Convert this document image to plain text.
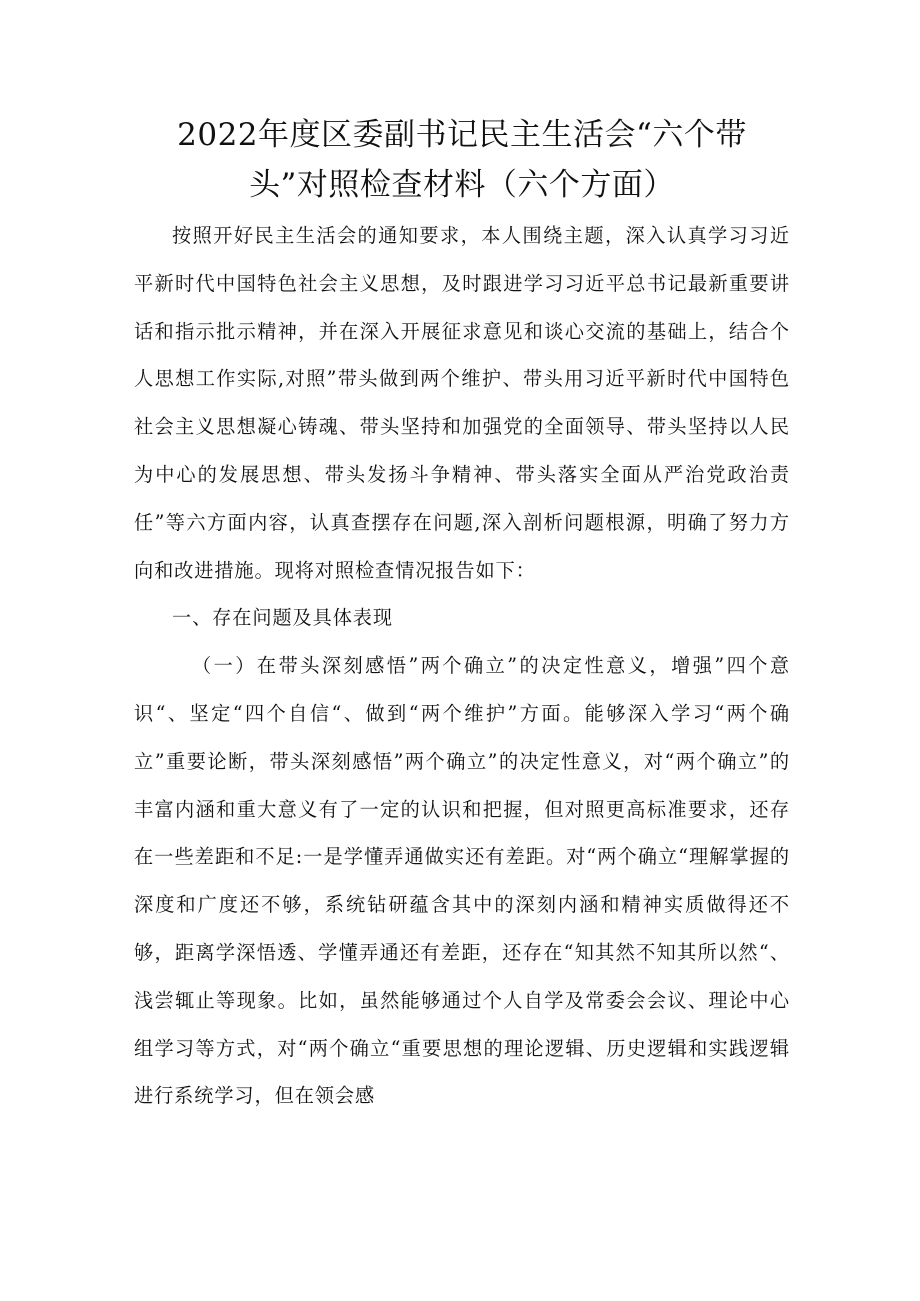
2022年度区委副书记民主生活会“六个带
头”对照检查材料（六个方面）

按照开好民主生活会的通知要求，本人围绕主题，深入认真学习习近平新时代中国特色社会主义思想，及时跟进学习习近平总书记最新重要讲话和指示批示精神，并在深入开展征求意见和谈心交流的基础上，结合个人思想工作实际,对照”带头做到两个维护、带头用习近平新时代中国特色社会主义思想凝心铸魂、带头坚持和加强党的全面领导、带头坚持以人民为中心的发展思想、带头发扬斗争精神、带头落实全面从严治党政治责任”等六方面内容，认真查摆存在问题,深入剖析问题根源，明确了努力方向和改进措施。现将对照检查情况报告如下：

一、存在问题及具体表现

（一）在带头深刻感悟”两个确立”的决定性意义，增强”四个意识“、坚定“四个自信“、做到“两个维护”方面。能够深入学习“两个确立”重要论断，带头深刻感悟”两个确立”的决定性意义，对“两个确立”的丰富内涵和重大意义有了一定的认识和把握，但对照更高标准要求，还存在一些差距和不足:一是学懂弄通做实还有差距。对“两个确立“理解掌握的深度和广度还不够，系统钻研蕴含其中的深刻内涵和精神实质做得还不够，距离学深悟透、学懂弄通还有差距，还存在“知其然不知其所以然“、浅尝辄止等现象。比如，虽然能够通过个人自学及常委会会议、理论中心组学习等方式，对“两个确立“重要思想的理论逻辑、历史逻辑和实践逻辑进行系统学习，但在领会感
